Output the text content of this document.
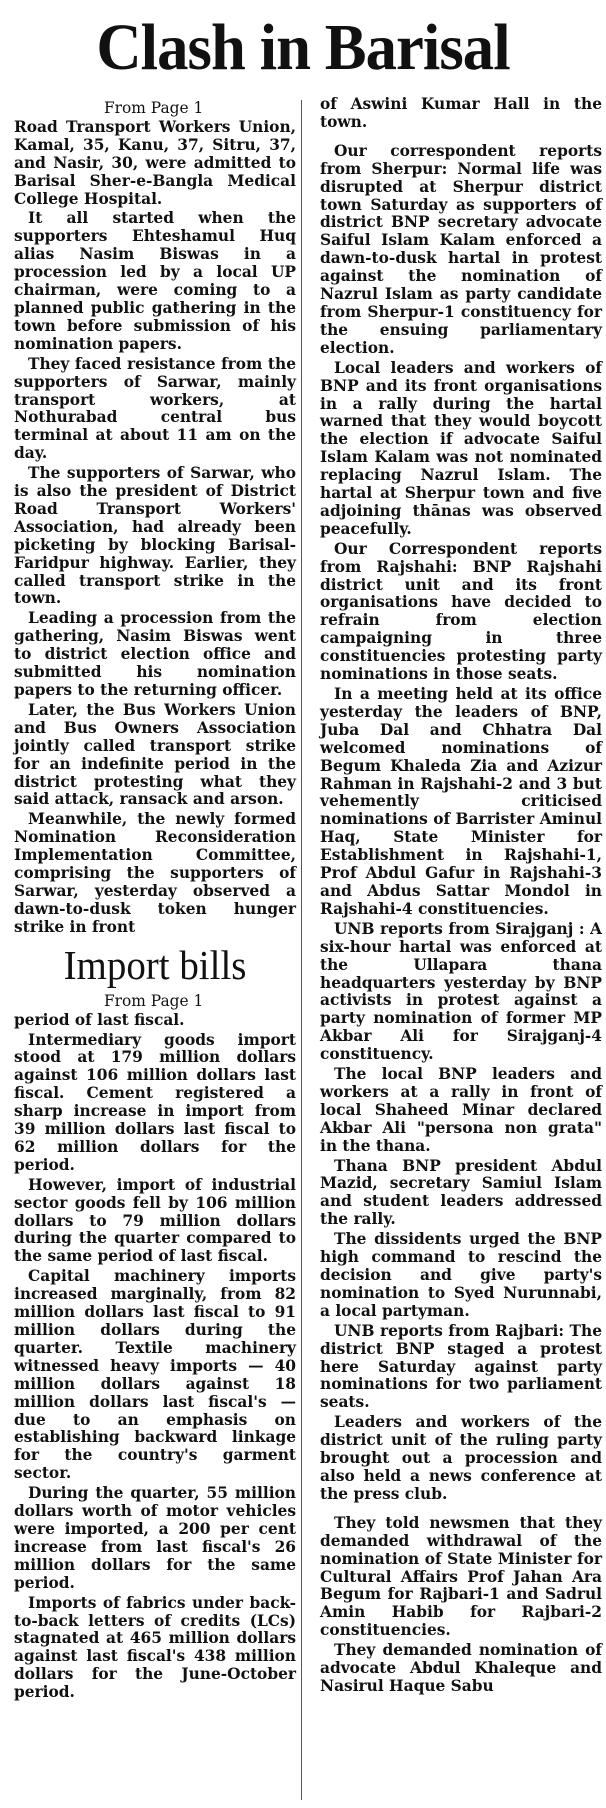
Clash in Barisal

From Page 1

Road Transport Workers Union, Kamal, 35, Kanu, 37, Sitru, 37, and Nasir, 30, were admitted to Barisal Sher-e-Bangla Medical College Hospital.

It all started when the supporters Ehteshamul Huq alias Nasim Biswas in a procession led by a local UP chairman, were coming to a planned public gathering in the town before submission of his nomination papers.

They faced resistance from the supporters of Sarwar, mainly transport workers, at Nothurabad central bus terminal at about 11 am on the day.

The supporters of Sarwar, who is also the president of District Road Transport Workers' Association, had already been picketing by blocking Barisal-Faridpur highway. Earlier, they called transport strike in the town.

Leading a procession from the gathering, Nasim Biswas went to district election office and submitted his nomination papers to the returning officer.

Later, the Bus Workers Union and Bus Owners Association jointly called transport strike for an indefinite period in the district protesting what they said attack, ransack and arson.

Meanwhile, the newly formed Nomination Reconsideration Implementation Committee, comprising the supporters of Sarwar, yesterday observed a dawn-to-dusk token hunger strike in front

Import bills

From Page 1

period of last fiscal.

Intermediary goods import stood at 179 million dollars against 106 million dollars last fiscal. Cement registered a sharp increase in import from 39 million dollars last fiscal to 62 million dollars for the period.

However, import of industrial sector goods fell by 106 million dollars to 79 million dollars during the quarter compared to the same period of last fiscal.

Capital machinery imports increased marginally, from 82 million dollars last fiscal to 91 million dollars during the quarter. Textile machinery witnessed heavy imports — 40 million dollars against 18 million dollars last fiscal's — due to an emphasis on establishing backward linkage for the country's garment sector.

During the quarter, 55 million dollars worth of motor vehicles were imported, a 200 per cent increase from last fiscal's 26 million dollars for the same period.

Imports of fabrics under back-to-back letters of credits (LCs) stagnated at 465 million dollars against last fiscal's 438 million dollars for the June-October period.

of Aswini Kumar Hall in the town.

Our correspondent reports from Sherpur: Normal life was disrupted at Sherpur district town Saturday as supporters of district BNP secretary advocate Saiful Islam Kalam enforced a dawn-to-dusk hartal in protest against the nomination of Nazrul Islam as party candidate from Sherpur-1 constituency for the ensuing parliamentary election.

Local leaders and workers of BNP and its front organisations in a rally during the hartal warned that they would boycott the election if advocate Saiful Islam Kalam was not nominated replacing Nazrul Islam. The hartal at Sherpur town and five adjoining thānas was observed peacefully.

Our Correspondent reports from Rajshahi: BNP Rajshahi district unit and its front organisations have decided to refrain from election campaigning in three constituencies protesting party nominations in those seats.

In a meeting held at its office yesterday the leaders of BNP, Juba Dal and Chhatra Dal welcomed nominations of Begum Khaleda Zia and Azizur Rahman in Rajshahi-2 and 3 but vehemently criticised nominations of Barrister Aminul Haq, State Minister for Establishment in Rajshahi-1, Prof Abdul Gafur in Rajshahi-3 and Abdus Sattar Mondol in Rajshahi-4 constituencies.

UNB reports from Sirajganj : A six-hour hartal was enforced at the Ullapara thana headquarters yesterday by BNP activists in protest against a party nomination of former MP Akbar Ali for Sirajganj-4 constituency.

The local BNP leaders and workers at a rally in front of local Shaheed Minar declared Akbar Ali "persona non grata" in the thana.

Thana BNP president Abdul Mazid, secretary Samiul Islam and student leaders addressed the rally.

The dissidents urged the BNP high command to rescind the decision and give party's nomination to Syed Nurunnabi, a local partyman.

UNB reports from Rajbari: The district BNP staged a protest here Saturday against party nominations for two parliament seats.

Leaders and workers of the district unit of the ruling party brought out a procession and also held a news conference at the press club.

They told newsmen that they demanded withdrawal of the nomination of State Minister for Cultural Affairs Prof Jahan Ara Begum for Rajbari-1 and Sadrul Amin Habib for Rajbari-2 constituencies.

They demanded nomination of advocate Abdul Khaleque and Nasirul Haque Sabu
